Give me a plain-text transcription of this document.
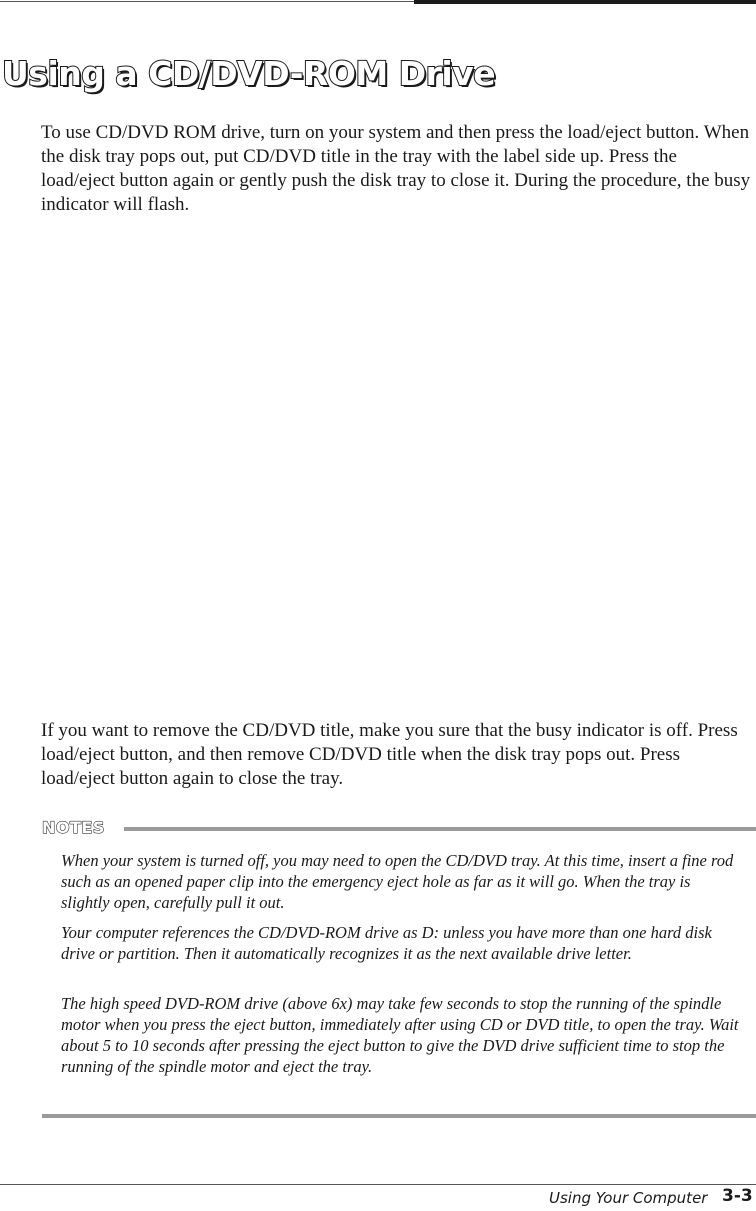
Using a CD/DVD-ROM Drive

To use CD/DVD ROM drive, turn on your system and then press the load/eject button. When the disk tray pops out, put CD/DVD title in the tray with the label side up. Press the load/eject button again or gently push the disk tray to close it. During the procedure, the busy indicator will flash.

If you want to remove the CD/DVD title, make you sure that the busy indicator is off. Press load/eject button, and then remove CD/DVD title when the disk tray pops out. Press load/eject button again to close the tray.

NOTES

When your system is turned off, you may need to open the CD/DVD tray. At this time, insert a fine rod such as an opened paper clip into the emergency eject hole as far as it will go. When the tray is slightly open, carefully pull it out.

Your computer references the CD/DVD-ROM drive as D: unless you have more than one hard disk drive or partition. Then it automatically recognizes it as the next available drive letter.

The high speed DVD-ROM drive (above 6x) may take few seconds to stop the running of the spindle motor when you press the eject button, immediately after using CD or DVD title, to open the tray. Wait about 5 to 10 seconds after pressing the eject button to give the DVD drive sufficient time to stop the running of the spindle motor and eject the tray.

Using Your Computer 3-3
